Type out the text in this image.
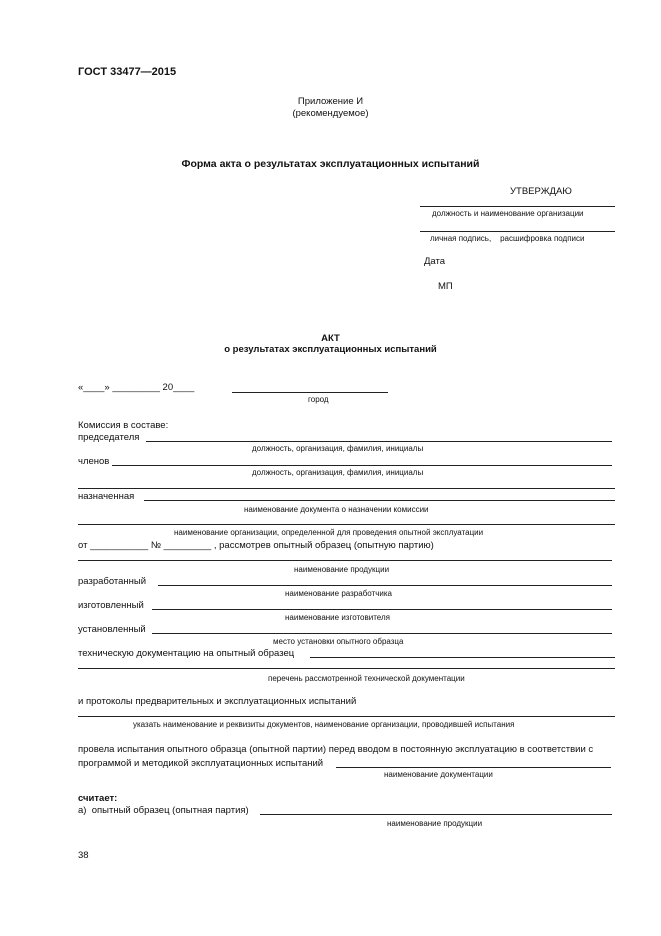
ГОСТ 33477—2015
Приложение И
(рекомендуемое)
Форма акта о результатах эксплуатационных испытаний
УТВЕРЖДАЮ
должность и наименование организации
личная подпись,    расшифровка подписи
Дата
МП
АКТ
о результатах эксплуатационных испытаний
«____» _________ 20____
город
Комиссия в составе:
председателя
должность, организация, фамилия, инициалы
членов
должность, организация, фамилия, инициалы
назначенная
наименование документа о назначении комиссии
наименование организации, определенной для проведения опытной эксплуатации
от ___________ № _________ , рассмотрев опытный образец (опытную партию)
наименование продукции
разработанный
наименование разработчика
изготовленный
наименование изготовителя
установленный
место установки опытного образца
техническую документацию на опытный образец
перечень рассмотренной технической документации
и протоколы предварительных и эксплуатационных испытаний
указать наименование и реквизиты документов, наименование организации, проводившей испытания
провела испытания опытного образца (опытной партии) перед вводом в постоянную эксплуатацию в соответствии с
программой и методикой эксплуатационных испытаний
наименование документации
считает:
а)  опытный образец (опытная партия)
наименование продукции
38
